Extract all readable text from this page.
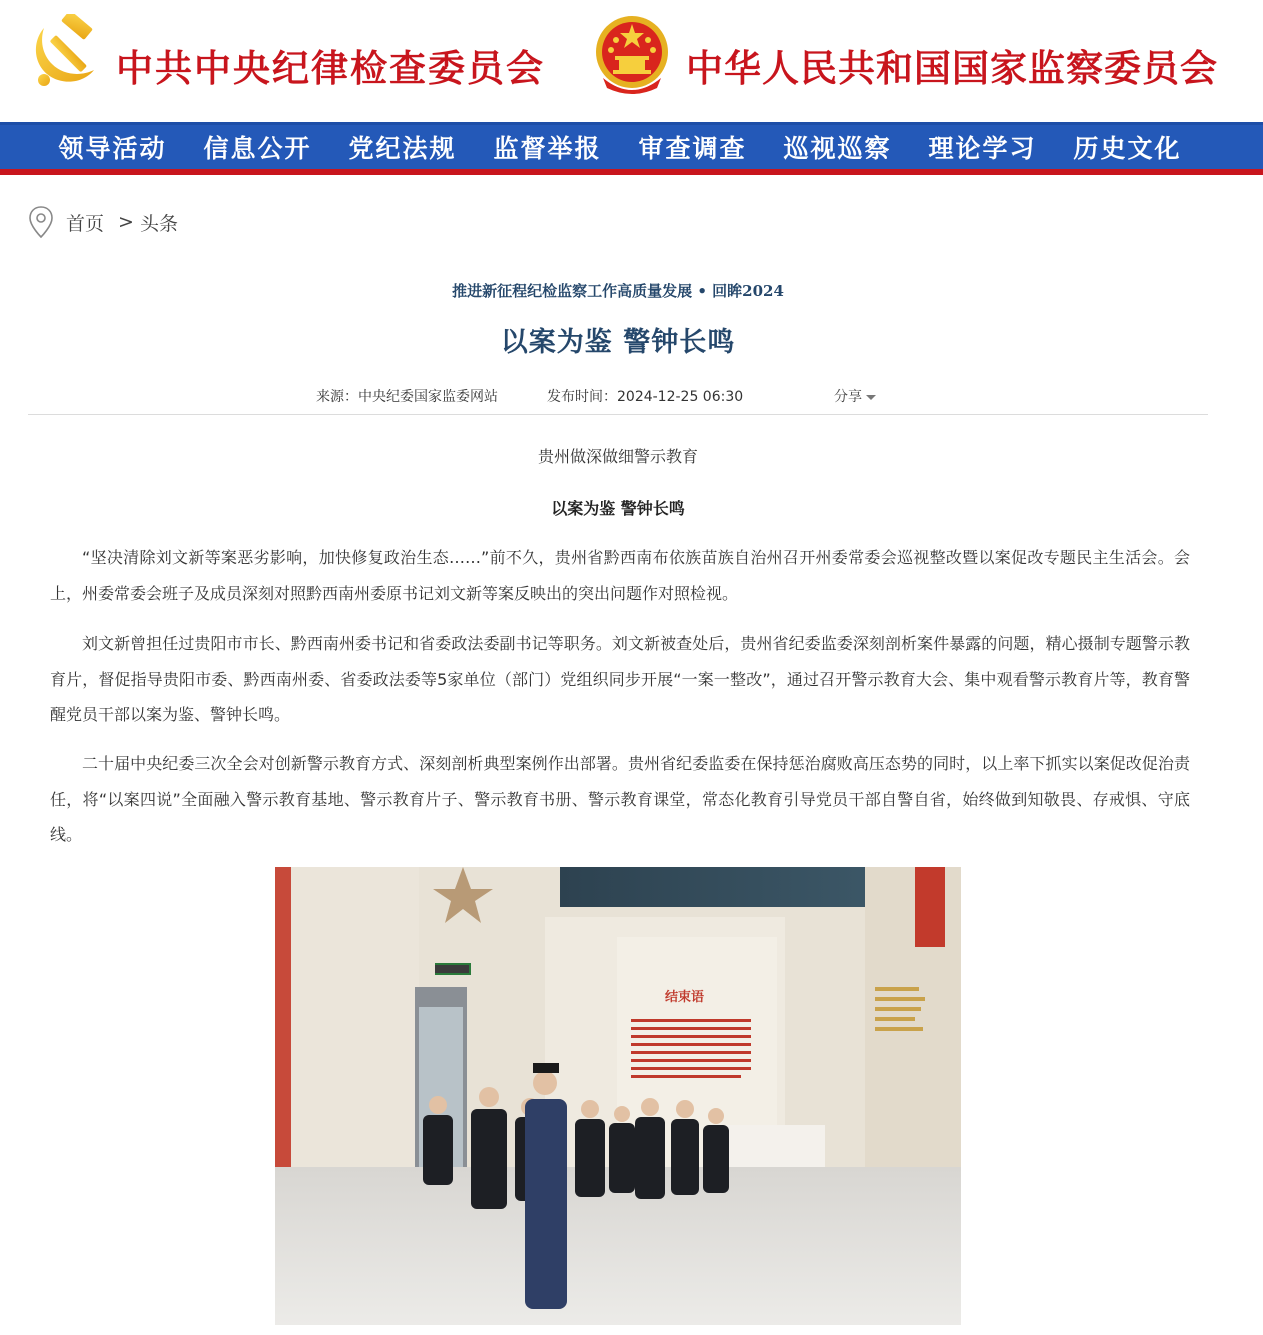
中共中央纪律检查委员会	中华人民共和国国家监察委员会
领导活动	信息公开	党纪法规	监督举报	审查调查	巡视巡察	理论学习	历史文化
首页 > 头条
推进新征程纪检监察工作高质量发展 • 回眸2024
以案为鉴 警钟长鸣
来源：中央纪委国家监委网站	发布时间：2024-12-25 06:30	分享
贵州做深做细警示教育
以案为鉴 警钟长鸣

“坚决清除刘文新等案恶劣影响，加快修复政治生态……”前不久，贵州省黔西南布依族苗族自治州召开州委常委会巡视整改暨以案促改专题民主生活会。会上，州委常委会班子及成员深刻对照黔西南州委原书记刘文新等案反映出的突出问题作对照检视。

刘文新曾担任过贵阳市市长、黔西南州委书记和省委政法委副书记等职务。刘文新被查处后，贵州省纪委监委深刻剖析案件暴露的问题，精心摄制专题警示教育片，督促指导贵阳市委、黔西南州委、省委政法委等5家单位（部门）党组织同步开展“一案一整改”，通过召开警示教育大会、集中观看警示教育片等，教育警醒党员干部以案为鉴、警钟长鸣。

二十届中央纪委三次全会对创新警示教育方式、深刻剖析典型案例作出部署。贵州省纪委监委在保持惩治腐败高压态势的同时，以上率下抓实以案促改促治责任，将“以案四说”全面融入警示教育基地、警示教育片子、警示教育书册、警示教育课堂，常态化教育引导党员干部自警自省，始终做到知敬畏、存戒惧、守底线。

结束语
